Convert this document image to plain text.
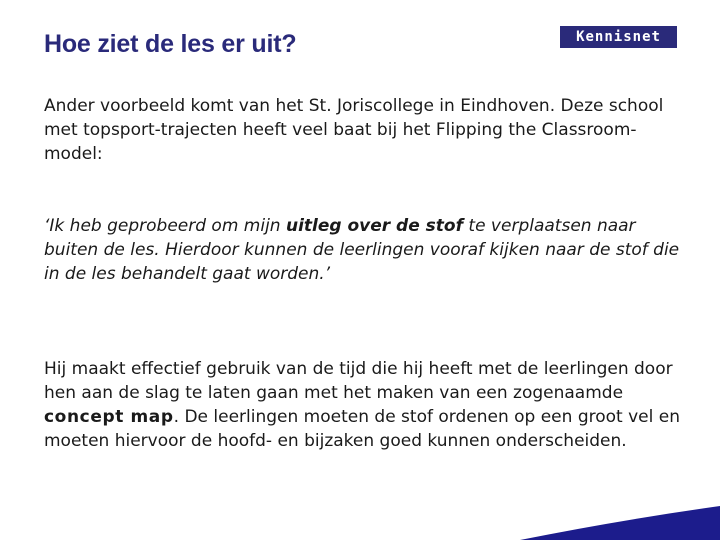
Hoe ziet de les er uit?	Kennisnet

Ander voorbeeld komt van het St. Joriscollege in Eindhoven. Deze school met topsport-trajecten heeft veel baat bij het Flipping the Classroom-model:

‘Ik heb geprobeerd om mijn uitleg over de stof te verplaatsen naar buiten de les. Hierdoor kunnen de leerlingen vooraf kijken naar de stof die in de les behandelt gaat worden.’

Hij maakt effectief gebruik van de tijd die hij heeft met de leerlingen door hen aan de slag te laten gaan met het maken van een zogenaamde concept map. De leerlingen moeten de stof ordenen op een groot vel en moeten hiervoor de hoofd- en bijzaken goed kunnen onderscheiden.
